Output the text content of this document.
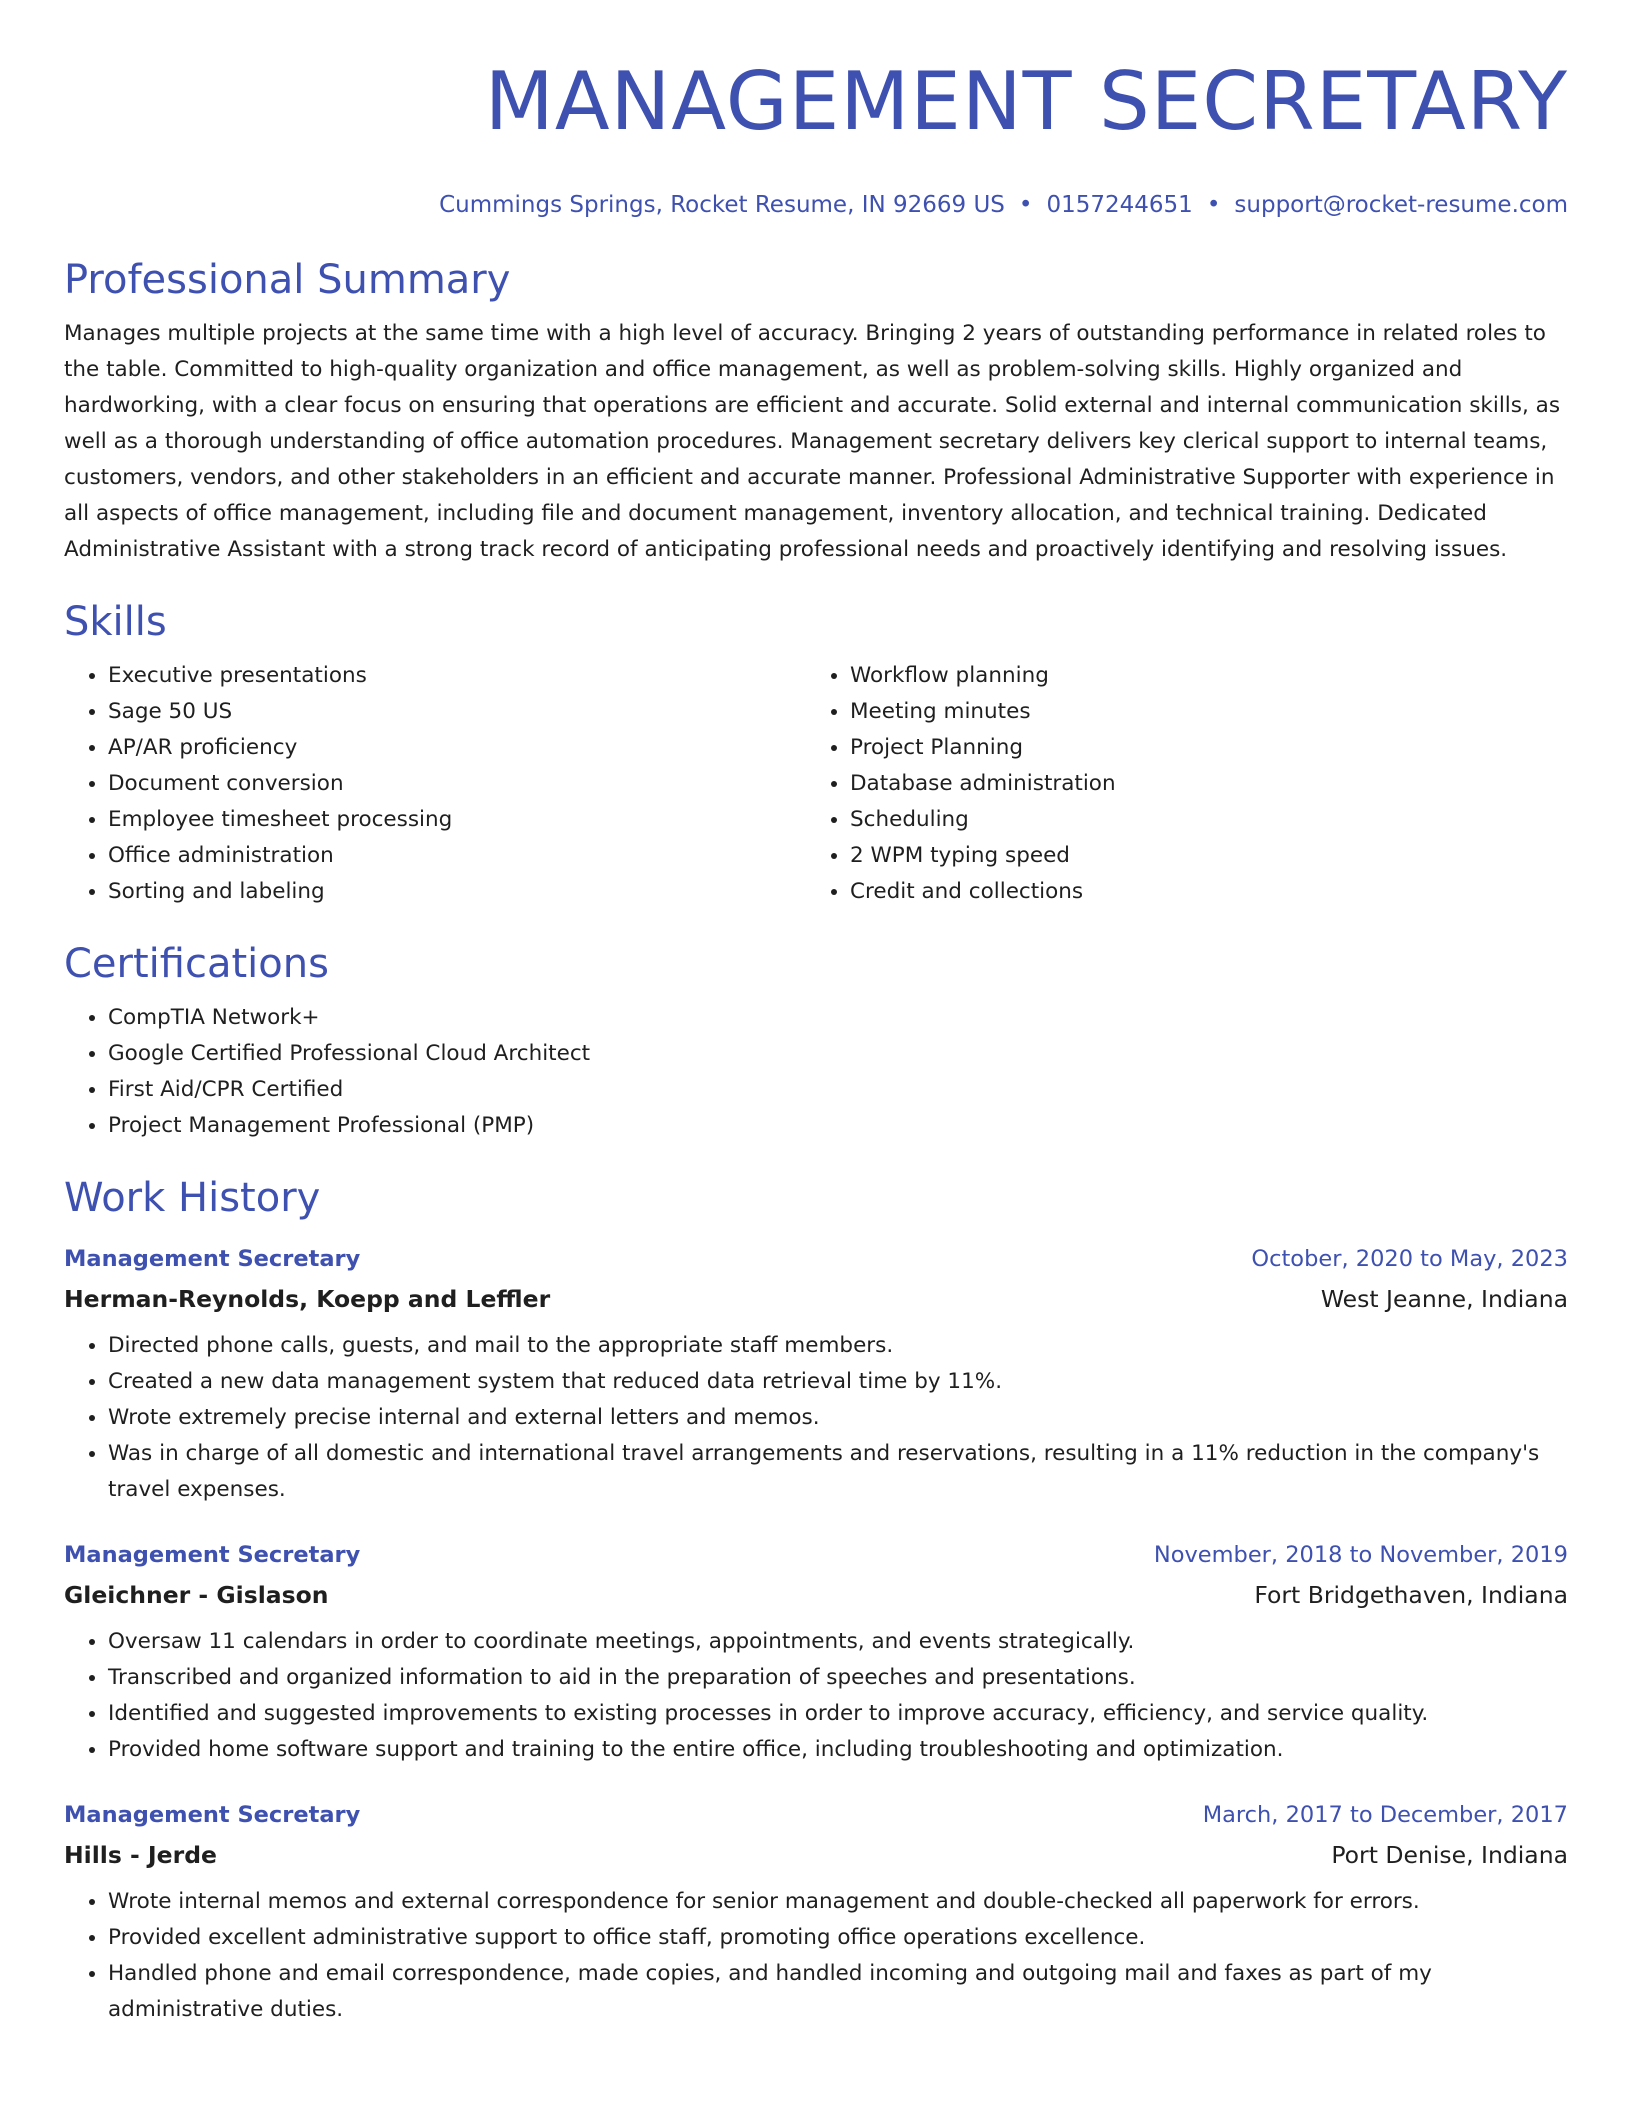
MANAGEMENT SECRETARY
Cummings Springs, Rocket Resume, IN 92669 US • 0157244651 • support@rocket-resume.com
Professional Summary

Manages multiple projects at the same time with a high level of accuracy. Bringing 2 years of outstanding performance in related roles to the table. Committed to high-quality organization and office management, as well as problem-solving skills. Highly organized and hardworking, with a clear focus on ensuring that operations are efficient and accurate. Solid external and internal communication skills, as well as a thorough understanding of office automation procedures. Management secretary delivers key clerical support to internal teams, customers, vendors, and other stakeholders in an efficient and accurate manner. Professional Administrative Supporter with experience in all aspects of office management, including file and document management, inventory allocation, and technical training. Dedicated Administrative Assistant with a strong track record of anticipating professional needs and proactively identifying and resolving issues.

Skills
• Executive presentations
• Sage 50 US
• AP/AR proficiency
• Document conversion
• Employee timesheet processing
• Office administration
• Sorting and labeling
• Workflow planning
• Meeting minutes
• Project Planning
• Database administration
• Scheduling
• 2 WPM typing speed
• Credit and collections
Certifications
• CompTIA Network+
• Google Certified Professional Cloud Architect
• First Aid/CPR Certified
• Project Management Professional (PMP)
Work History
Management Secretary	October, 2020 to May, 2023
Herman-Reynolds, Koepp and Leffler	West Jeanne, Indiana
• Directed phone calls, guests, and mail to the appropriate staff members.
• Created a new data management system that reduced data retrieval time by 11%.
• Wrote extremely precise internal and external letters and memos.
• Was in charge of all domestic and international travel arrangements and reservations, resulting in a 11% reduction in the company's travel expenses.
Management Secretary	November, 2018 to November, 2019
Gleichner - Gislason	Fort Bridgethaven, Indiana
• Oversaw 11 calendars in order to coordinate meetings, appointments, and events strategically.
• Transcribed and organized information to aid in the preparation of speeches and presentations.
• Identified and suggested improvements to existing processes in order to improve accuracy, efficiency, and service quality.
• Provided home software support and training to the entire office, including troubleshooting and optimization.
Management Secretary	March, 2017 to December, 2017
Hills - Jerde	Port Denise, Indiana
• Wrote internal memos and external correspondence for senior management and double-checked all paperwork for errors.
• Provided excellent administrative support to office staff, promoting office operations excellence.
• Handled phone and email correspondence, made copies, and handled incoming and outgoing mail and faxes as part of my administrative duties.
